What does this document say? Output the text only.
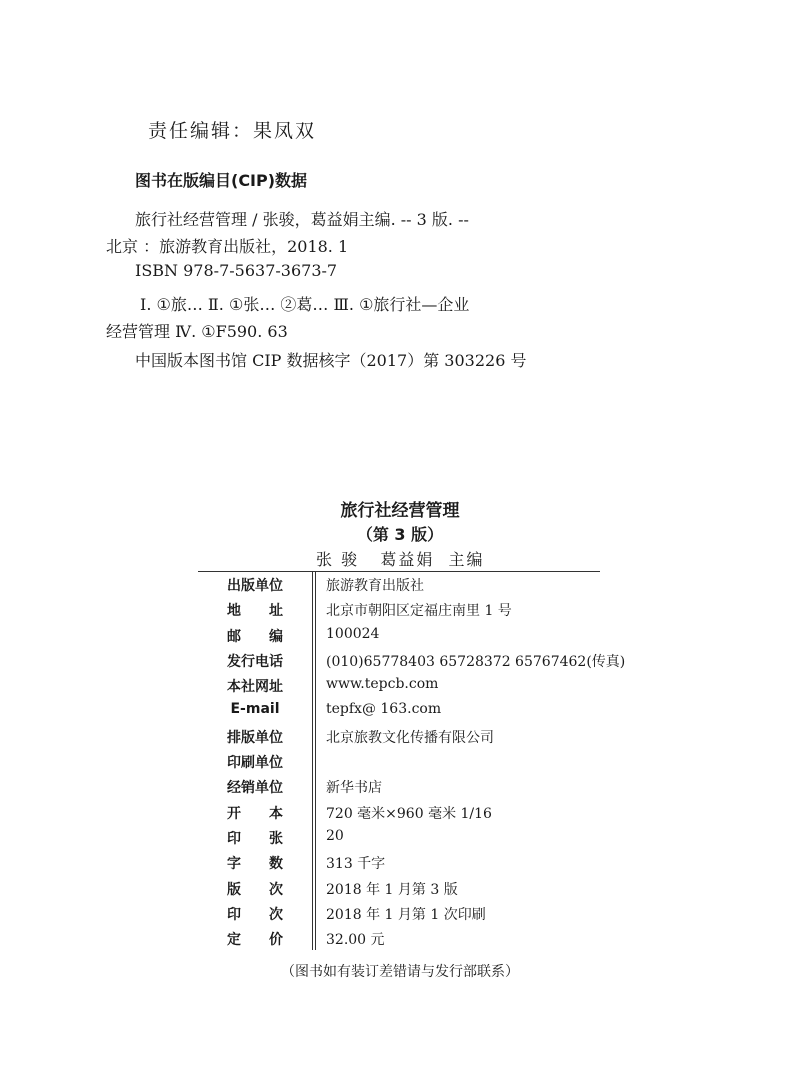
责任编辑：果凤双
图书在版编目(CIP)数据
旅行社经营管理 / 张骏，葛益娟主编. -- 3 版. --
北京 ：旅游教育出版社，2018. 1
ISBN 978-7-5637-3673-7
Ⅰ. ①旅… Ⅱ. ①张… ②葛… Ⅲ. ①旅行社—企业
经营管理 Ⅳ. ①F590. 63
中国版本图书馆 CIP 数据核字（2017）第 303226 号
旅行社经营管理
（第 3 版）
张 骏 葛益娟 主编
出版单位	旅游教育出版社
地　　址	北京市朝阳区定福庄南里 1 号
邮　　编	100024
发行电话	(010)65778403 65728372 65767462(传真)
本社网址	www.tepcb.com
E-mail	tepfx@ 163.com
排版单位	北京旅教文化传播有限公司
印刷单位
经销单位	新华书店
开　　本	720 毫米×960 毫米 1/16
印　　张	20
字　　数	313 千字
版　　次	2018 年 1 月第 3 版
印　　次	2018 年 1 月第 1 次印刷
定　　价	32.00 元
（图书如有装订差错请与发行部联系）
